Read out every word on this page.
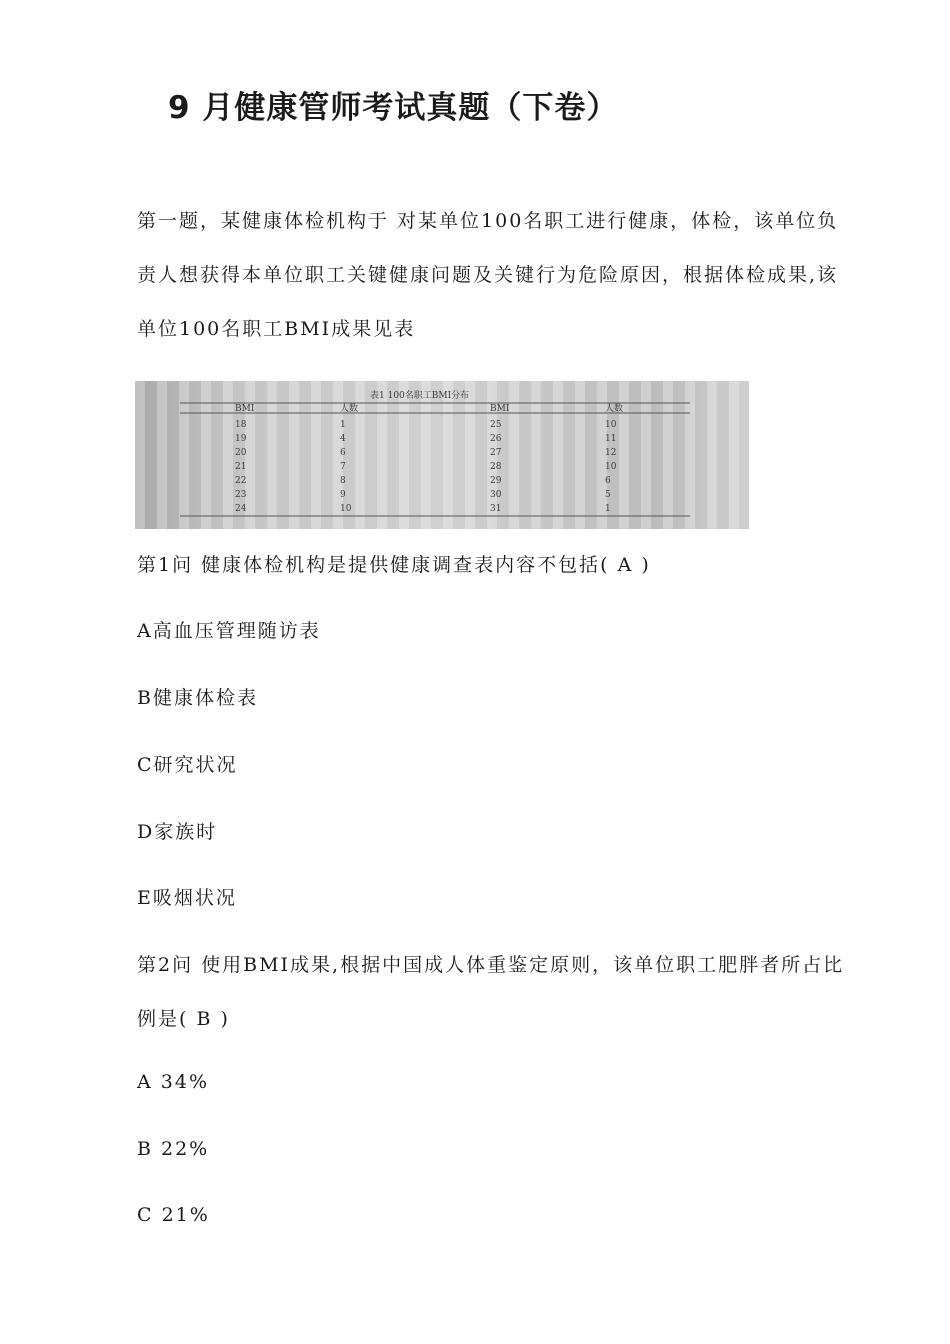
9 月健康管师考试真题（下卷）

第一题，某健康体检机构于 对某单位100名职工进行健康，体检，该单位负

责人想获得本单位职工关键健康问题及关键行为危险原因，根据体检成果,该

单位100名职工BMI成果见表

表1 100名职工BMI分布
BMI	人数	BMI	人数
18	1	25	10
19	4	26	11
20	6	27	12
21	7	28	10
22	8	29	6
23	9	30	5
24	10	31	1

第1问 健康体检机构是提供健康调查表内容不包括( A )

A高血压管理随访表

B健康体检表

C研究状况

D家族时

E吸烟状况

第2问 使用BMI成果,根据中国成人体重鉴定原则，该单位职工肥胖者所占比

例是( B )

A 34%

B 22%

C 21%
